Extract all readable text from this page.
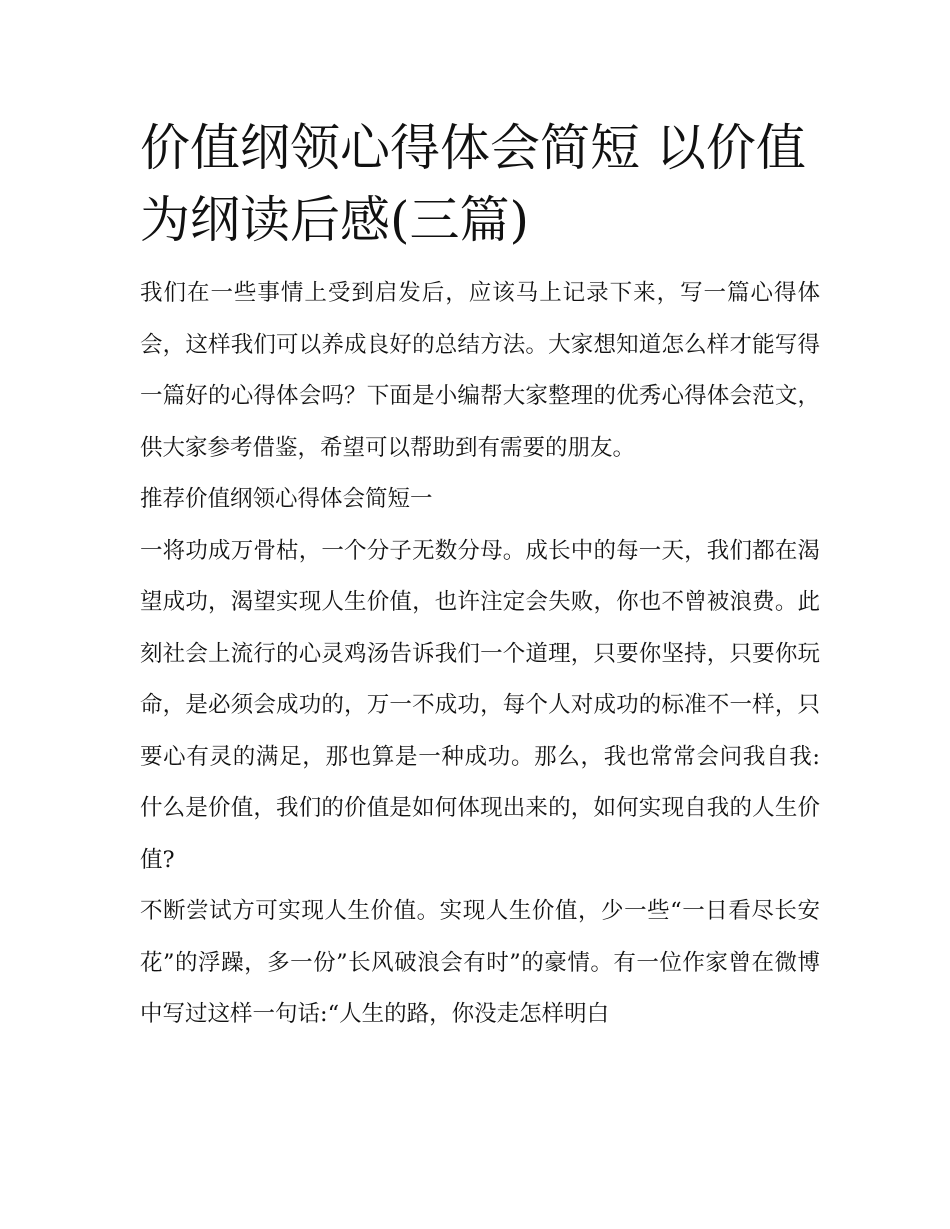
价值纲领心得体会简短 以价值为纲读后感(三篇)

我们在一些事情上受到启发后，应该马上记录下来，写一篇心得体会，这样我们可以养成良好的总结方法。大家想知道怎么样才能写得一篇好的心得体会吗？下面是小编帮大家整理的优秀心得体会范文，供大家参考借鉴，希望可以帮助到有需要的朋友。

推荐价值纲领心得体会简短一

一将功成万骨枯，一个分子无数分母。成长中的每一天，我们都在渴望成功，渴望实现人生价值，也许注定会失败，你也不曾被浪费。此刻社会上流行的心灵鸡汤告诉我们一个道理，只要你坚持，只要你玩命，是必须会成功的，万一不成功，每个人对成功的标准不一样，只要心有灵的满足，那也算是一种成功。那么，我也常常会问我自我:什么是价值，我们的价值是如何体现出来的，如何实现自我的人生价值?

不断尝试方可实现人生价值。实现人生价值，少一些“一日看尽长安花”的浮躁，多一份”长风破浪会有时”的豪情。有一位作家曾在微博中写过这样一句话:“人生的路，你没走怎样明白
